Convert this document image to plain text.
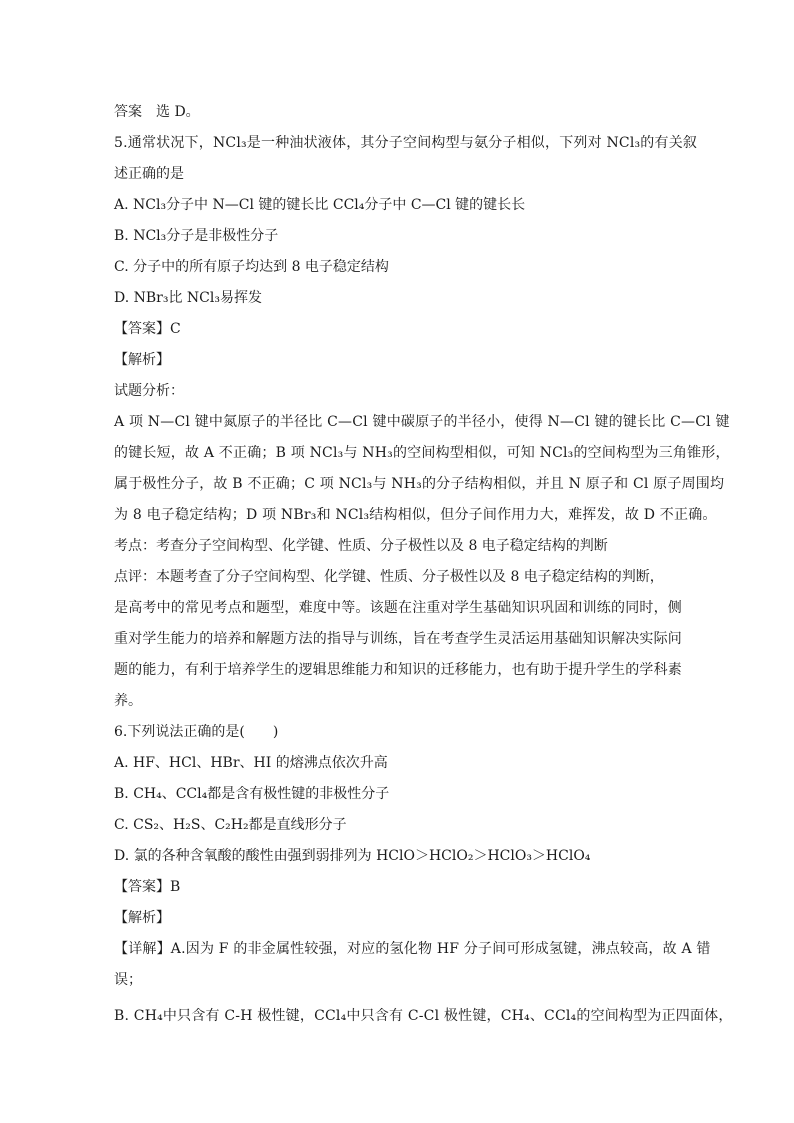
答案　选 D。
5.通常状况下，NCl₃是一种油状液体，其分子空间构型与氨分子相似，下列对 NCl₃的有关叙
述正确的是
A. NCl₃分子中 N—Cl 键的键长比 CCl₄分子中 C—Cl 键的键长长
B. NCl₃分子是非极性分子
C. 分子中的所有原子均达到 8 电子稳定结构
D. NBr₃比 NCl₃易挥发
【答案】C
【解析】
试题分析：
A 项 N—Cl 键中氮原子的半径比 C—Cl 键中碳原子的半径小，使得 N—Cl 键的键长比 C—Cl 键
的键长短，故 A 不正确；B 项 NCl₃与 NH₃的空间构型相似，可知 NCl₃的空间构型为三角锥形，
属于极性分子，故 B 不正确；C 项 NCl₃与 NH₃的分子结构相似，并且 N 原子和 Cl 原子周围均
为 8 电子稳定结构；D 项 NBr₃和 NCl₃结构相似，但分子间作用力大，难挥发，故 D 不正确。
考点：考查分子空间构型、化学键、性质、分子极性以及 8 电子稳定结构的判断
点评：本题考查了分子空间构型、化学键、性质、分子极性以及 8 电子稳定结构的判断，
是高考中的常见考点和题型，难度中等。该题在注重对学生基础知识巩固和训练的同时，侧
重对学生能力的培养和解题方法的指导与训练，旨在考查学生灵活运用基础知识解决实际问
题的能力，有利于培养学生的逻辑思维能力和知识的迁移能力，也有助于提升学生的学科素
养。
6.下列说法正确的是(　　)
A. HF、HCl、HBr、HI 的熔沸点依次升高
B. CH₄、CCl₄都是含有极性键的非极性分子
C. CS₂、H₂S、C₂H₂都是直线形分子
D. 氯的各种含氧酸的酸性由强到弱排列为 HClO＞HClO₂＞HClO₃＞HClO₄
【答案】B
【解析】
【详解】A.因为 F 的非金属性较强，对应的氢化物 HF 分子间可形成氢键，沸点较高，故 A 错
误；
B. CH₄中只含有 C-H 极性键，CCl₄中只含有 C-Cl 极性键，CH₄、CCl₄的空间构型为正四面体，
